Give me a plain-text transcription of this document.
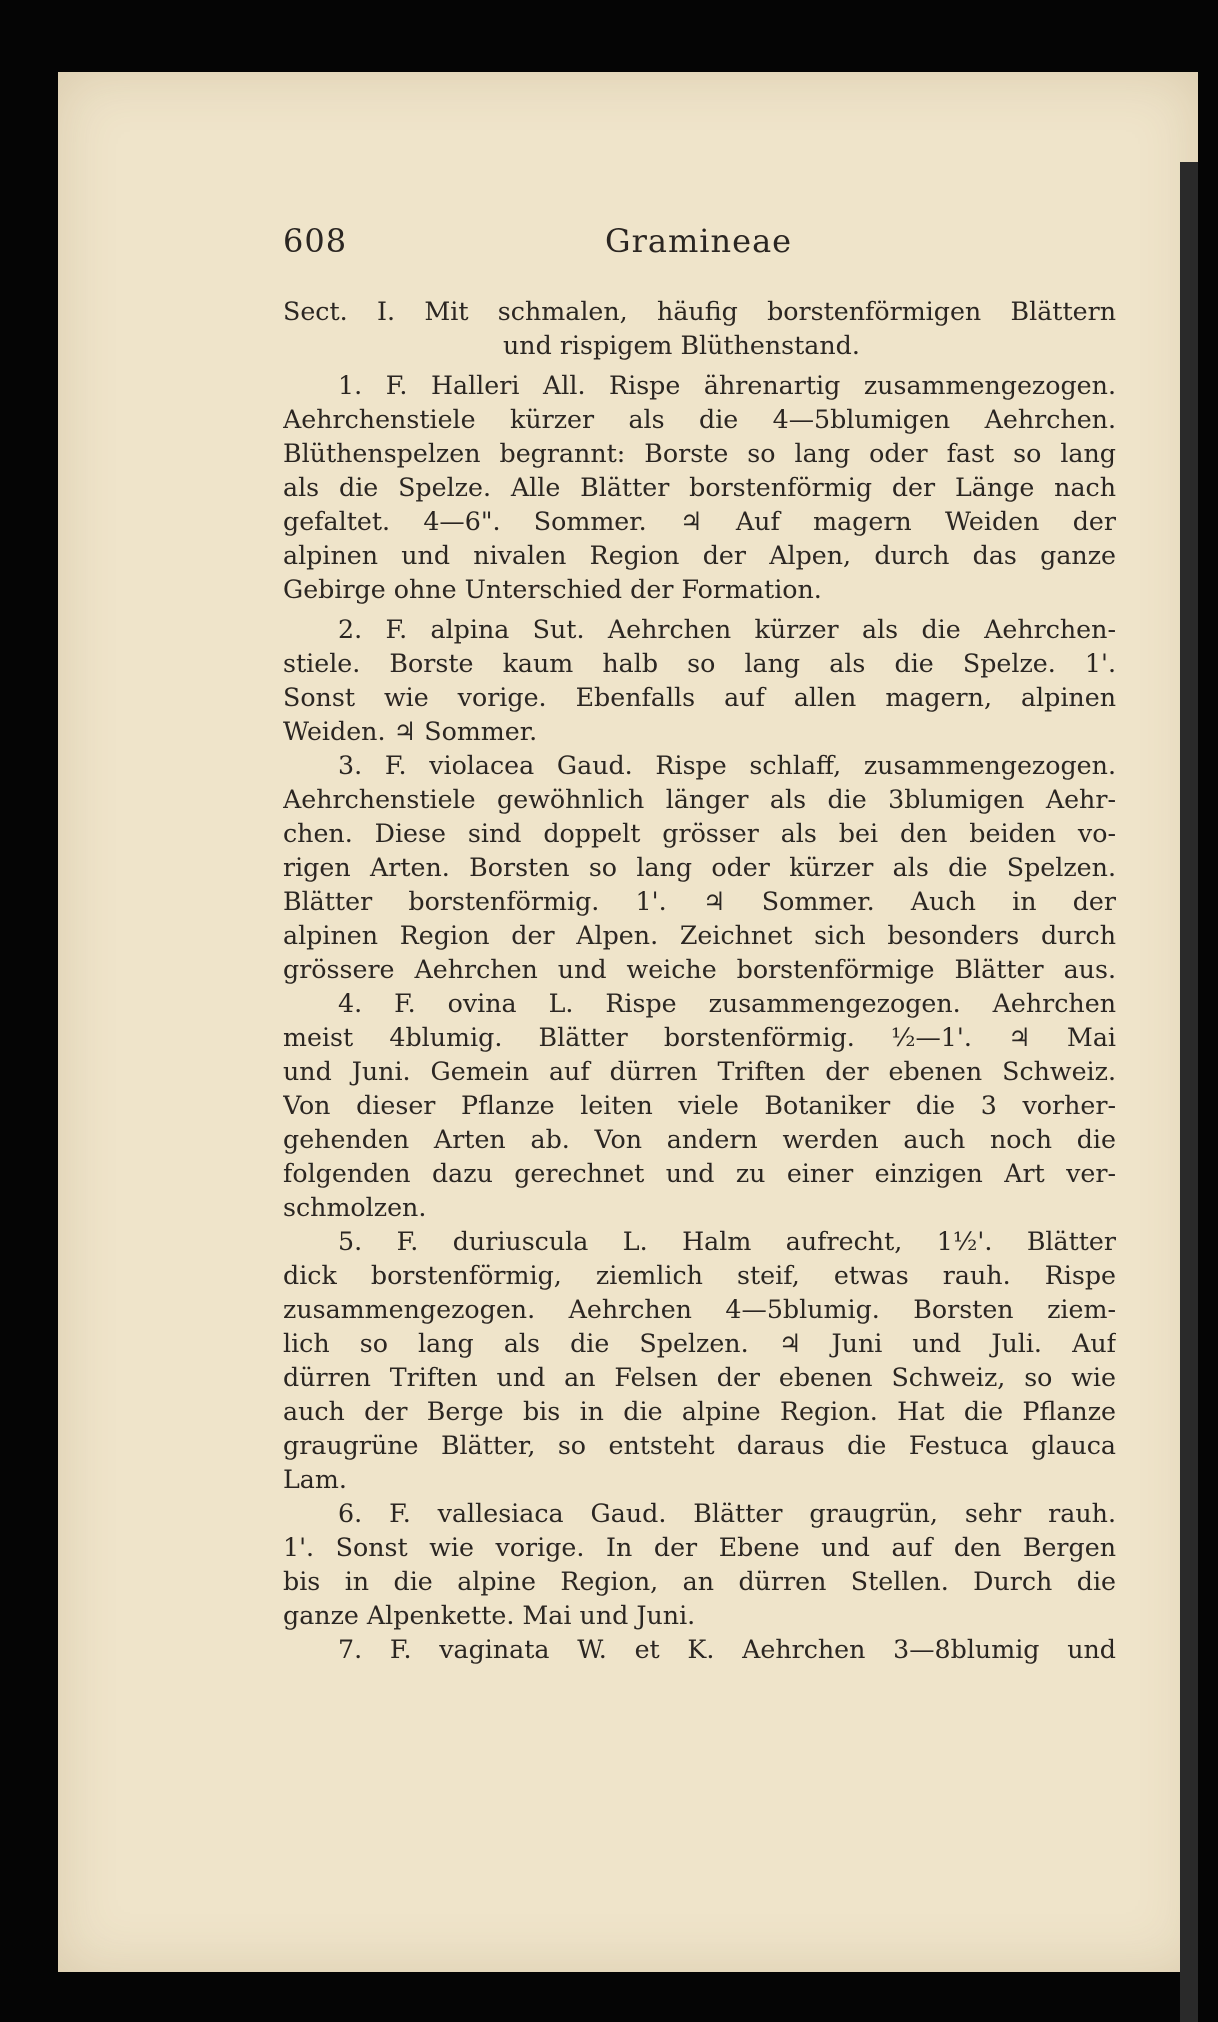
608	Gramineae
Sect. I. Mit schmalen, häufig borstenförmigen Blättern
und rispigem Blüthenstand.
1. F. Halleri All. Rispe ährenartig zusammengezogen.
Aehrchenstiele kürzer als die 4—5blumigen Aehrchen.
Blüthenspelzen begrannt: Borste so lang oder fast so lang
als die Spelze. Alle Blätter borstenförmig der Länge nach
gefaltet. 4—6". Sommer. ♃ Auf magern Weiden der
alpinen und nivalen Region der Alpen, durch das ganze
Gebirge ohne Unterschied der Formation.
2. F. alpina Sut. Aehrchen kürzer als die Aehrchen-
stiele. Borste kaum halb so lang als die Spelze. 1'.
Sonst wie vorige. Ebenfalls auf allen magern, alpinen
Weiden. ♃ Sommer.
3. F. violacea Gaud. Rispe schlaff, zusammengezogen.
Aehrchenstiele gewöhnlich länger als die 3blumigen Aehr-
chen. Diese sind doppelt grösser als bei den beiden vo-
rigen Arten. Borsten so lang oder kürzer als die Spelzen.
Blätter borstenförmig. 1'. ♃ Sommer. Auch in der
alpinen Region der Alpen. Zeichnet sich besonders durch
grössere Aehrchen und weiche borstenförmige Blätter aus.
4. F. ovina L. Rispe zusammengezogen. Aehrchen
meist 4blumig. Blätter borstenförmig. ½—1'. ♃ Mai
und Juni. Gemein auf dürren Triften der ebenen Schweiz.
Von dieser Pflanze leiten viele Botaniker die 3 vorher-
gehenden Arten ab. Von andern werden auch noch die
folgenden dazu gerechnet und zu einer einzigen Art ver-
schmolzen.
5. F. duriuscula L. Halm aufrecht, 1½'. Blätter
dick borstenförmig, ziemlich steif, etwas rauh. Rispe
zusammengezogen. Aehrchen 4—5blumig. Borsten ziem-
lich so lang als die Spelzen. ♃ Juni und Juli. Auf
dürren Triften und an Felsen der ebenen Schweiz, so wie
auch der Berge bis in die alpine Region. Hat die Pflanze
graugrüne Blätter, so entsteht daraus die Festuca glauca
Lam.
6. F. vallesiaca Gaud. Blätter graugrün, sehr rauh.
1'. Sonst wie vorige. In der Ebene und auf den Bergen
bis in die alpine Region, an dürren Stellen. Durch die
ganze Alpenkette. Mai und Juni.
7. F. vaginata W. et K. Aehrchen 3—8blumig und
